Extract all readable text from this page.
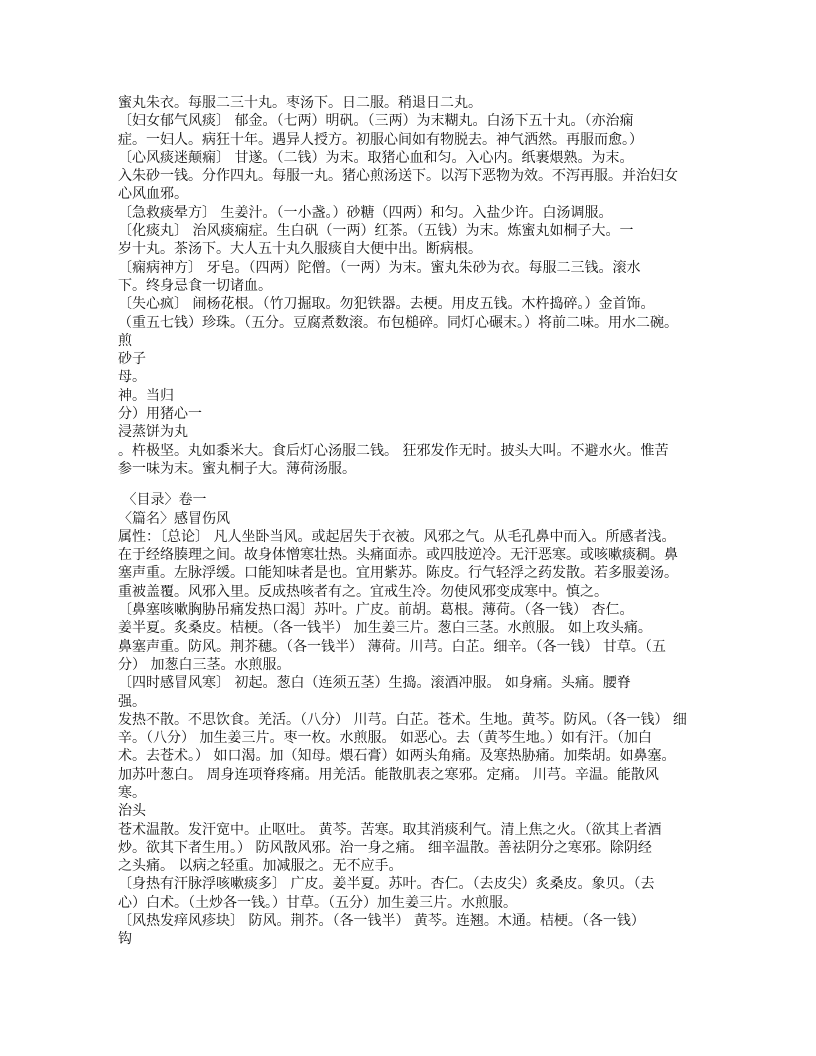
蜜丸朱衣。每服二三十丸。枣汤下。日二服。稍退日二丸。
〔妇女郁气风痰〕 郁金。（七两）明矾。（三两）为末糊丸。白汤下五十丸。（亦治痫
症。一妇人。病狂十年。遇异人授方。初服心间如有物脱去。神气洒然。再服而愈。）
〔心风痰迷颠痫〕 甘遂。（二钱）为末。取猪心血和匀。入心内。纸裹煨熟。为末。
入朱砂一钱。分作四丸。每服一丸。猪心煎汤送下。以泻下恶物为效。不泻再服。并治妇女
心风血邪。
〔急救痰晕方〕 生姜汁。（一小盏。）砂糖（四两）和匀。入盐少许。白汤调服。
〔化痰丸〕 治风痰痫症。生白矾（一两）红茶。（五钱）为末。炼蜜丸如桐子大。一
岁十丸。茶汤下。大人五十丸久服痰自大便中出。断病根。
〔痫病神方〕 牙皂。（四两）陀僧。（一两）为末。蜜丸朱砂为衣。每服二三钱。滚水
下。终身忌食一切诸血。
〔失心疯〕 闹杨花根。（竹刀掘取。勿犯铁器。去梗。用皮五钱。木杵捣碎。）金首饰。
（重五七钱）珍珠。（五分。豆腐煮数滚。布包槌碎。同灯心碾末。）将前二味。用水二碗。
煎
砂子
母。
神。当归
分）用猪心一
浸蒸饼为丸
。杵极坚。丸如黍米大。食后灯心汤服二钱。 狂邪发作无时。披头大叫。不避水火。惟苦
参一味为末。蜜丸桐子大。薄荷汤服。
〈目录〉卷一
〈篇名〉感冒伤风
属性：〔总论〕 凡人坐卧当风。或起居失于衣被。风邪之气。从毛孔鼻中而入。所感者浅。
在于经络腠理之间。故身体憎寒壮热。头痛面赤。或四肢逆冷。无汗恶寒。或咳嗽痰稠。鼻
塞声重。左脉浮缓。口能知味者是也。宜用紫苏。陈皮。行气轻浮之药发散。若多服姜汤。
重被盖覆。风邪入里。反成热咳者有之。宜戒生冷。勿使风邪变成寒中。慎之。
〔鼻塞咳嗽胸胁吊痛发热口渴〕苏叶。广皮。前胡。葛根。薄荷。（各一钱） 杏仁。
姜半夏。炙桑皮。桔梗。（各一钱半） 加生姜三片。葱白三茎。水煎服。 如上攻头痛。
鼻塞声重。防风。荆芥穗。（各一钱半） 薄荷。川芎。白芷。细辛。（各一钱） 甘草。（五
分） 加葱白三茎。水煎服。
〔四时感冒风寒〕 初起。葱白（连须五茎）生捣。滚酒冲服。 如身痛。头痛。腰脊
强。
发热不散。不思饮食。羌活。（八分） 川芎。白芷。苍术。生地。黄芩。防风。（各一钱） 细
辛。（八分） 加生姜三片。枣一枚。水煎服。 如恶心。去（黄芩生地。）如有汗。（加白
术。去苍术。） 如口渴。加（知母。煨石膏）如两头角痛。及寒热胁痛。加柴胡。如鼻塞。
加苏叶葱白。 周身连项脊疼痛。用羌活。能散肌表之寒邪。定痛。 川芎。辛温。能散风
寒。
治头
苍术温散。发汗宽中。止呕吐。 黄芩。苦寒。取其消痰利气。清上焦之火。（欲其上者酒
炒。欲其下者生用。） 防风散风邪。治一身之痛。 细辛温散。善祛阴分之寒邪。除阴经
之头痛。 以病之轻重。加减服之。无不应手。
〔身热有汗脉浮咳嗽痰多〕 广皮。姜半夏。苏叶。杏仁。（去皮尖）炙桑皮。象贝。（去
心）白术。（土炒各一钱。）甘草。（五分）加生姜三片。水煎服。
〔风热发痒风疹块〕 防风。荆芥。（各一钱半） 黄芩。连翘。木通。桔梗。（各一钱）
钩
